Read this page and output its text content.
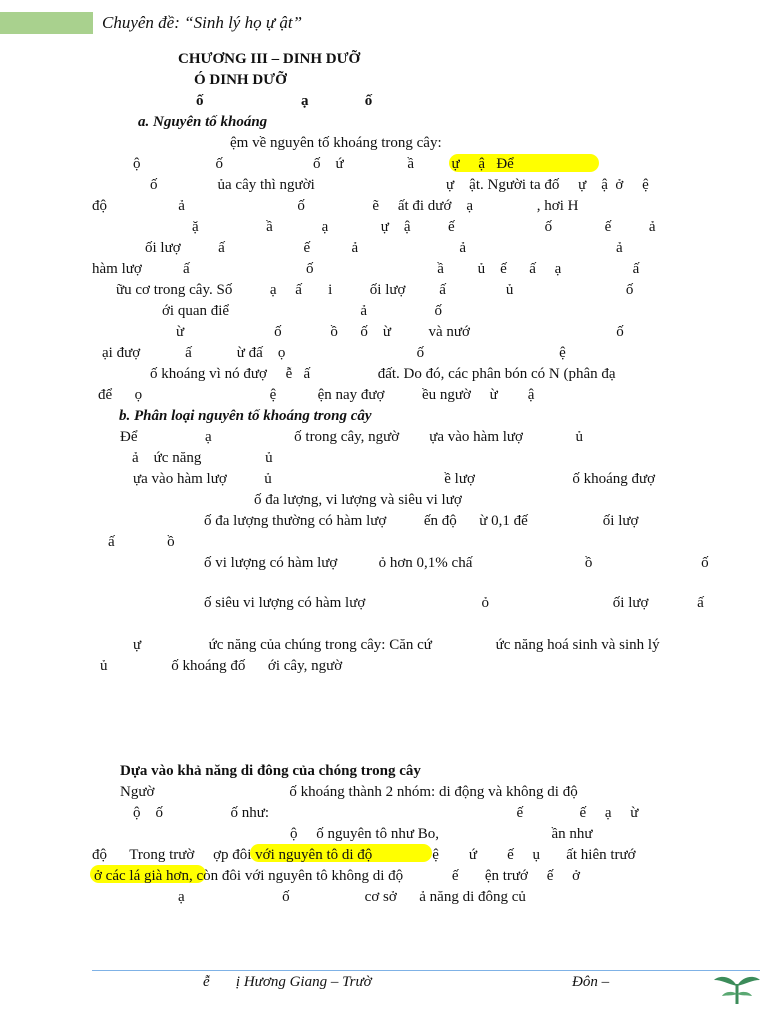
Chuyên đề: “Sinh lý họ ự ật”
CHƯƠNG III – DINH DƯỠ
Ó DINH DƯỠ
ố                          ạ               ố
a. Nguyên tố khoáng
ệm về nguyên tố khoáng trong cây:
ộ                    ố                        ố    ứ                 ầ          ự     ậ   Để
ố                ủa cây thì người                                   ự    ật. Người ta đố     ự    ậ  ở     ệ
độ                   ả                              ố                  ẽ     ất đi dướ    ạ                 , hơi H
ặ                  ầ             ạ              ự    ậ          ế                        ố              ế          ả
ối lượ          ấ                     ế           ả                           ả                                        ả
hàm lượ           ấ                               ố                                 ầ         ủ    ế      ấ     ạ                   ấ
ữu cơ trong cây. Số          ạ     ấ       i          ối lượ         ấ                ủ                              ố
ới quan điể                                   ả                  ố
ừ                        ố             ồ      ố    ừ          và nướ                                       ố
ại đượ            ấ            ừ đấ    ọ                                   ố                                    ệ
ố khoáng vì nó đượ     ễ   ấ                  đất. Do đó, các phân bón có N (phân đạ
để      ọ                                  ệ           ện nay đượ          ều ngườ     ừ        ậ
b. Phân loại nguyên tố khoáng trong cây
Để                  ạ                      ố trong cây, ngườ        ựa vào hàm lượ              ủ
ả    ức năng                 ủ
ựa vào hàm lượ          ủ                                              ề lượ                          ố khoáng đượ
ố đa lượng, vi lượng và siêu vi lượ
ố đa lượng thường có hàm lượ          ến độ      ừ 0,1 đế                    ối lượ
ấ              ồ
ố vi lượng có hàm lượ           ỏ hơn 0,1% chấ                              ồ                             ố
ố siêu vi lượng có hàm lượ                               ỏ                                 ối lượ             ấ
ự                  ức năng của chúng trong cây: Căn cứ                 ức năng hoá sinh và sinh lý
ủ                 ố khoáng đố      ới cây, ngườ
Dựa vào khả năng di đông của chóng trong cây
Ngườ                                    ố khoáng thành 2 nhóm: di động và không di độ
ộ    ố                  ố như:                                                                  ế               ế     ạ     ừ
ộ     ố nguyên tô như Bo,                              ần như
độ      Trong trườ     ợp đôi với nguyên tô di độ                ệ        ứ        ế     ụ       ất hiên trướ
ở các lá già hơn, còn đôi với nguyên tô không di độ             ế       ện trướ     ế     ở
ạ                          ố                    cơ sở      ả năng di đông củ
ễ       ị Hương Giang – Trườ	Đôn –
